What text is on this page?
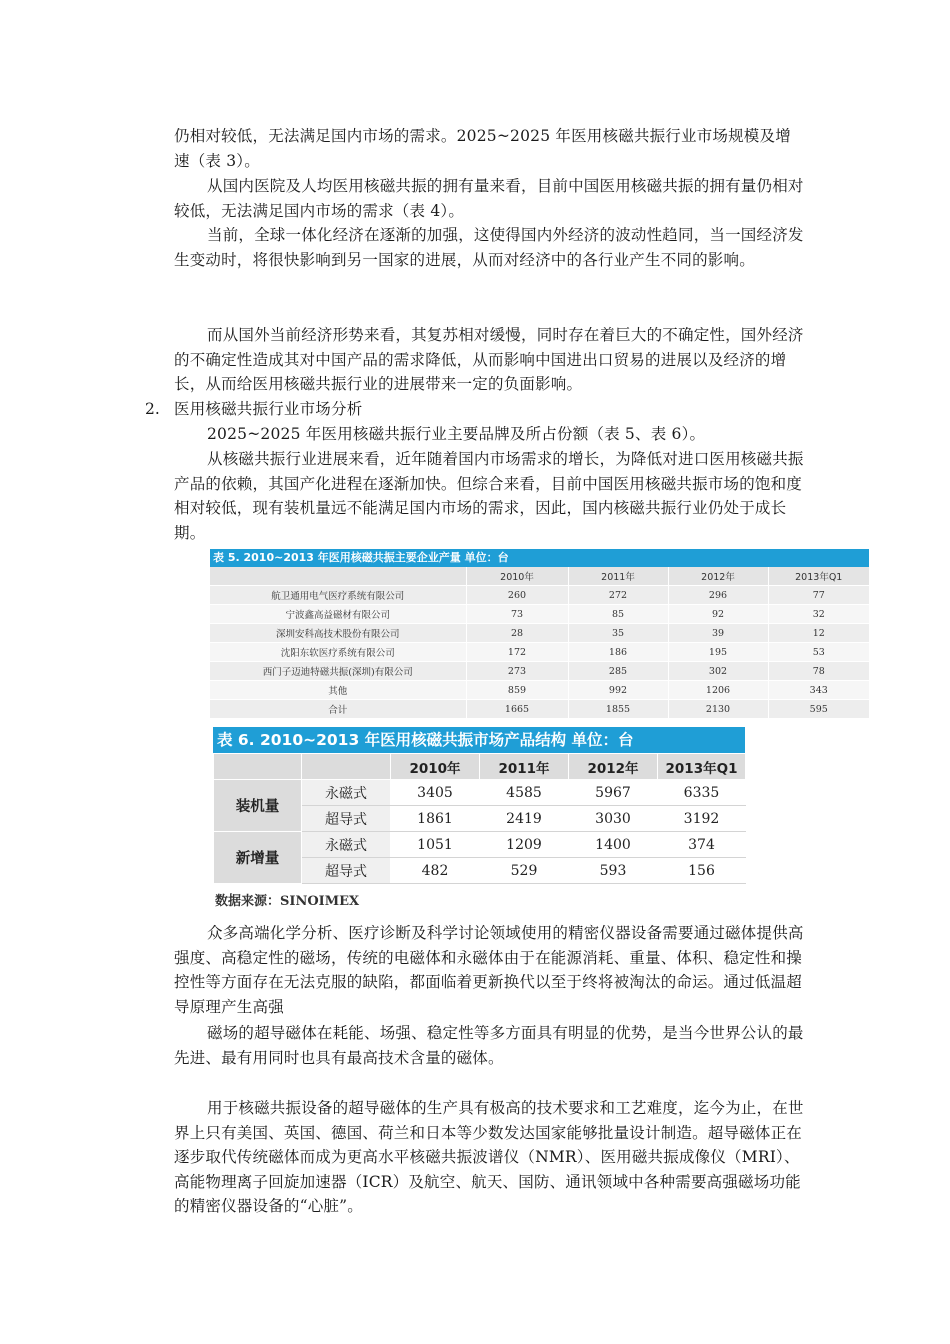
仍相对较低，无法满足国内市场的需求。2025~2025 年医用核磁共振行业市场规模及增速（表 3）。

从国内医院及人均医用核磁共振的拥有量来看，目前中国医用核磁共振的拥有量仍相对较低，无法满足国内市场的需求（表 4）。

当前，全球一体化经济在逐渐的加强，这使得国内外经济的波动性趋同，当一国经济发生变动时，将很快影响到另一国家的进展，从而对经济中的各行业产生不同的影响。

而从国外当前经济形势来看，其复苏相对缓慢，同时存在着巨大的不确定性，国外经济的不确定性造成其对中国产品的需求降低，从而影响中国进出口贸易的进展以及经济的增长，从而给医用核磁共振行业的进展带来一定的负面影响。

2. 医用核磁共振行业市场分析

2025~2025 年医用核磁共振行业主要品牌及所占份额（表 5、表 6）。

从核磁共振行业进展来看，近年随着国内市场需求的增长，为降低对进口医用核磁共振产品的依赖，其国产化进程在逐渐加快。但综合来看，目前中国医用核磁共振市场的饱和度相对较低，现有装机量远不能满足国内市场的需求，因此，国内核磁共振行业仍处于成长期。

表 5. 2010~2013 年医用核磁共振主要企业产量 单位：台
	2010年	2011年	2012年	2013年Q1
航卫通用电气医疗系统有限公司	260	272	296	77
宁波鑫高益磁材有限公司	73	85	92	32
深圳安科高技术股份有限公司	28	35	39	12
沈阳东软医疗系统有限公司	172	186	195	53
西门子迈迪特磁共振(深圳)有限公司	273	285	302	78
其他	859	992	1206	343
合计	1665	1855	2130	595
表 6. 2010~2013 年医用核磁共振市场产品结构 单位：台
		2010年	2011年	2012年	2013年Q1
装机量	永磁式	3405	4585	5967	6335
	超导式	1861	2419	3030	3192
新增量	永磁式	1051	1209	1400	374
	超导式	482	529	593	156
数据来源：SINOIMEX

众多高端化学分析、医疗诊断及科学讨论领域使用的精密仪器设备需要通过磁体提供高强度、高稳定性的磁场，传统的电磁体和永磁体由于在能源消耗、重量、体积、稳定性和操控性等方面存在无法克服的缺陷，都面临着更新换代以至于终将被淘汰的命运。通过低温超导原理产生高强

磁场的超导磁体在耗能、场强、稳定性等多方面具有明显的优势，是当今世界公认的最先进、最有用同时也具有最高技术含量的磁体。

用于核磁共振设备的超导磁体的生产具有极高的技术要求和工艺难度，迄今为止，在世界上只有美国、英国、德国、荷兰和日本等少数发达国家能够批量设计制造。超导磁体正在逐步取代传统磁体而成为更高水平核磁共振波谱仪（NMR）、医用磁共振成像仪（MRI）、高能物理离子回旋加速器（ICR）及航空、航天、国防、通讯领域中各种需要高强磁场功能的精密仪器设备的“心脏”。
